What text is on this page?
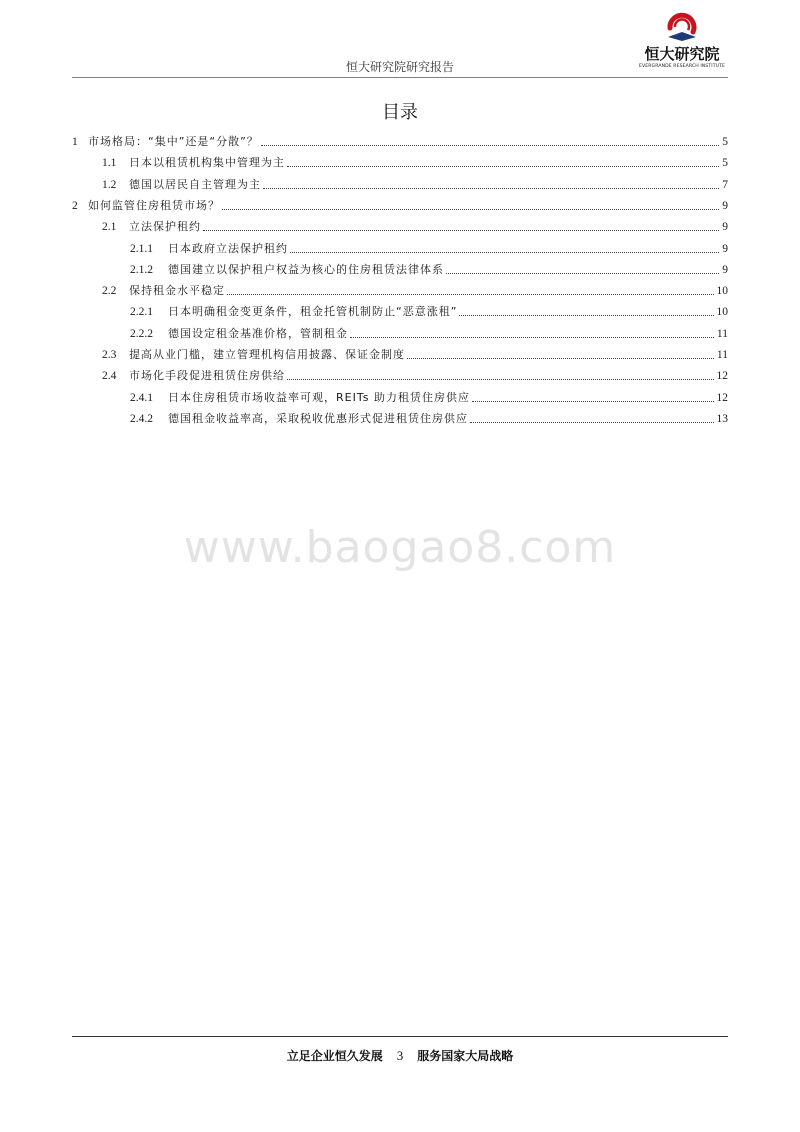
恒大研究院研究报告
恒大研究院
EVERGRANDE RESEARCH INSTITUTE
目录
1 市场格局：“集中”还是“分散”？	5
1.1	日本以租赁机构集中管理为主	5
1.2	德国以居民自主管理为主	7
2 如何监管住房租赁市场？	9
2.1	立法保护租约	9
2.1.1	日本政府立法保护租约	9
2.1.2	德国建立以保护租户权益为核心的住房租赁法律体系	9
2.2	保持租金水平稳定	10
2.2.1	日本明确租金变更条件，租金托管机制防止“恶意涨租”	10
2.2.2	德国设定租金基准价格，管制租金	11
2.3	提高从业门槛，建立管理机构信用披露、保证金制度	11
2.4	市场化手段促进租赁住房供给	12
2.4.1	日本住房租赁市场收益率可观，REITs 助力租赁住房供应	12
2.4.2	德国租金收益率高，采取税收优惠形式促进租赁住房供应	13
www.baogao8.com
立足企业恒久发展 3 服务国家大局战略
